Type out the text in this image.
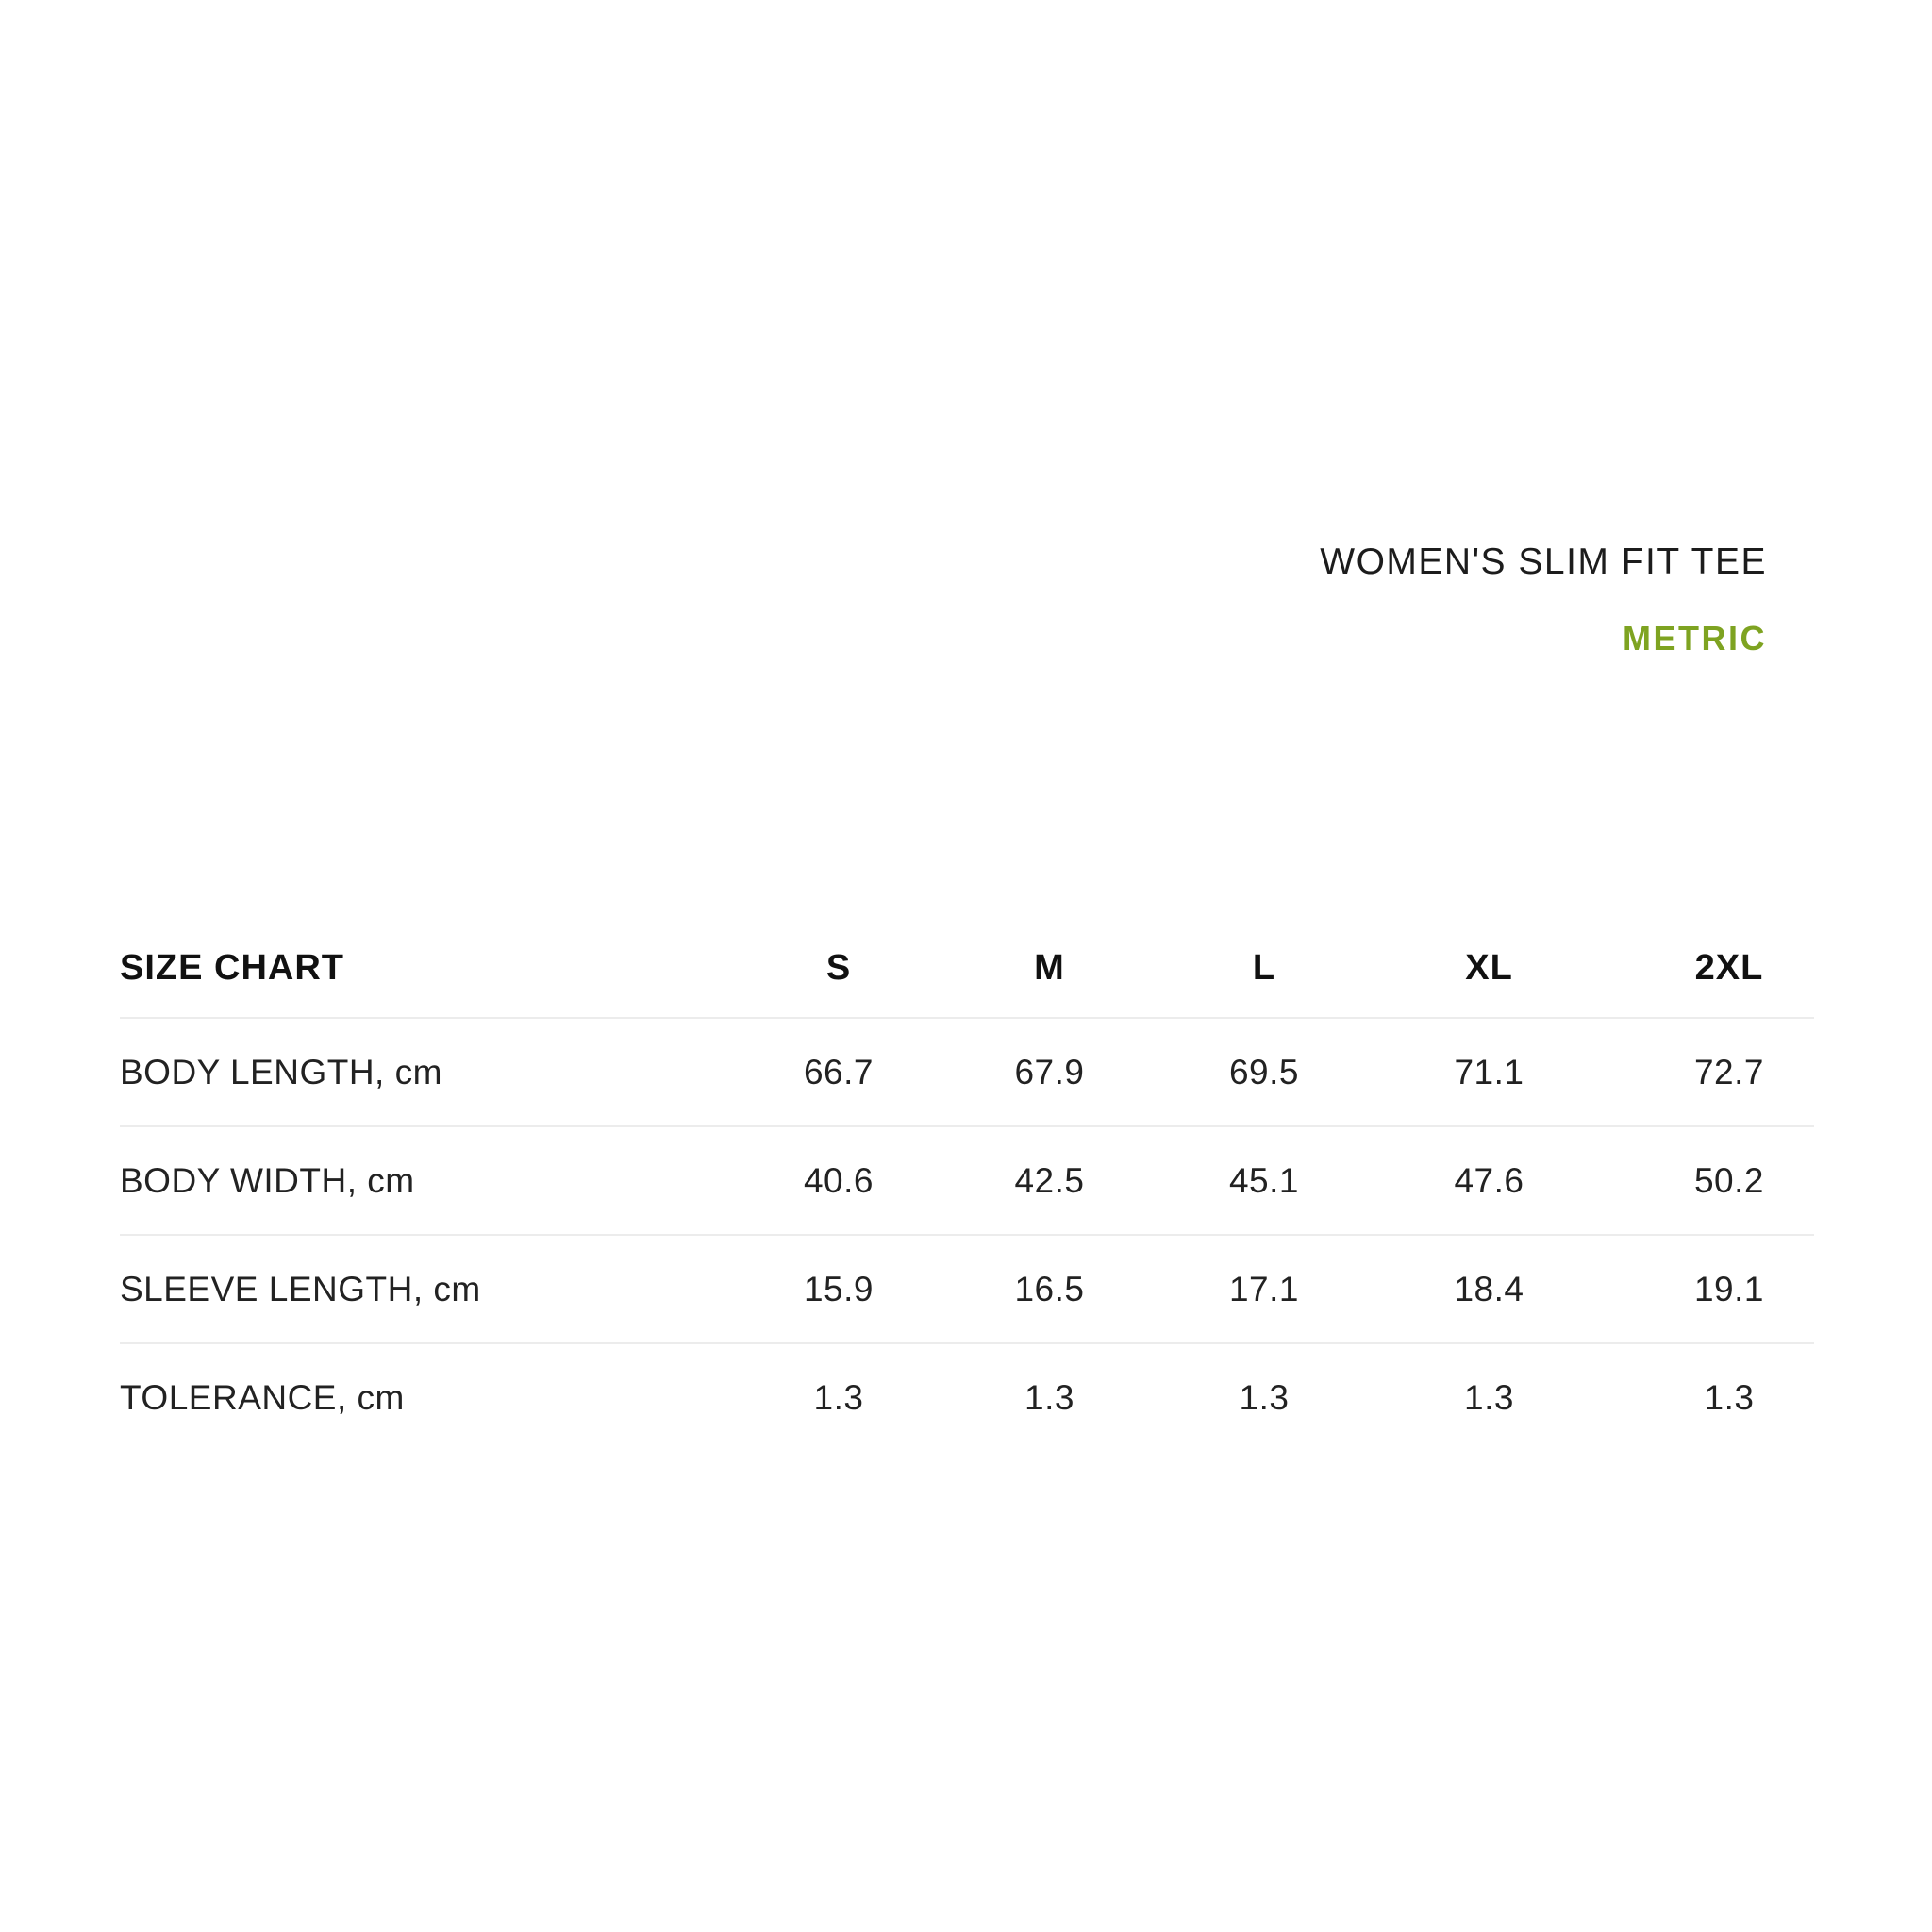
WOMEN'S SLIM FIT TEE
METRIC
SIZE CHART	S	M	L	XL	2XL
BODY LENGTH, cm	66.7	67.9	69.5	71.1	72.7
BODY WIDTH, cm	40.6	42.5	45.1	47.6	50.2
SLEEVE LENGTH, cm	15.9	16.5	17.1	18.4	19.1
TOLERANCE, cm	1.3	1.3	1.3	1.3	1.3
